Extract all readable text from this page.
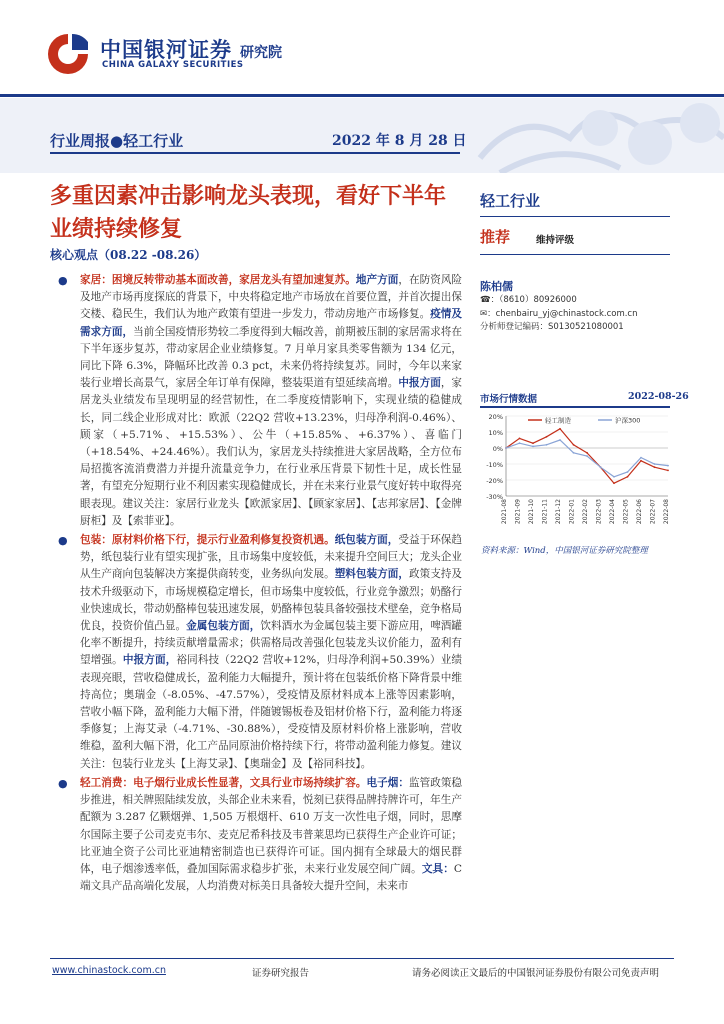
中国银河证券
CHINA GALAXY SECURITIES
研究院
行业周报●轻工行业	2022 年 8 月 28 日
多重因素冲击影响龙头表现，看好下半年业绩持续修复
核心观点（08.22 -08.26）

● 家居：困境反转带动基本面改善，家居龙头有望加速复苏。地产方面，在防资风险及地产市场再度探底的背景下，中央将稳定地产市场放在首要位置，并首次提出保交楼、稳民生，我们认为地产政策有望进一步发力，带动房地产市场修复。疫情及需求方面，当前全国疫情形势较二季度得到大幅改善，前期被压制的家居需求将在下半年逐步复苏，带动家居企业业绩修复。7 月单月家具类零售额为 134 亿元，同比下降 6.3%，降幅环比改善 0.3 pct，未来仍将持续复苏。同时，今年以来家装行业增长高景气，家居全年订单有保障，整装渠道有望延续高增。中报方面，家居龙头业绩发布呈现明显的经营韧性，在二季度疫情影响下，实现业绩的稳健成长，同二线企业形成对比：欧派（22Q2 营收+13.23%，归母净利润-0.46%）、顾家（+5.71%、+15.53%）、公牛（+15.85%、+6.37%）、喜临门（+18.54%、+24.46%）。我们认为，家居龙头持续推进大家居战略，全方位布局招揽客流消费潜力并提升流量竞争力，在行业承压背景下韧性十足，成长性显著，有望充分短期行业不利因素实现稳健成长，并在未来行业景气度好转中取得亮眼表现。建议关注：家居行业龙头【欧派家居】、【顾家家居】、【志邦家居】、【金牌厨柜】及【索菲亚】。

● 包装：原材料价格下行，提示行业盈利修复投资机遇。纸包装方面，受益于环保趋势，纸包装行业有望实现扩张，且市场集中度较低，未来提升空间巨大；龙头企业从生产商向包装解决方案提供商转变，业务纵向发展。塑料包装方面，政策支持及技术升级驱动下，市场规模稳定增长，但市场集中度较低，行业竞争激烈；奶酪行业快速成长，带动奶酪棒包装迅速发展，奶酪棒包装具备较强技术壁垒，竞争格局优良，投资价值凸显。金属包装方面，饮料酒水为金属包装主要下游应用，啤酒罐化率不断提升，持续贡献增量需求；供需格局改善强化包装龙头议价能力，盈利有望增强。中报方面，裕同科技（22Q2 营收+12%，归母净利润+50.39%）业绩表现亮眼，营收稳健成长，盈利能力大幅提升，预计将在包装纸价格下降背景中维持高位；奥瑞金（-8.05%、-47.57%），受疫情及原材料成本上涨等因素影响，营收小幅下降，盈利能力大幅下滑，伴随镀锡板卷及铝材价格下行，盈利能力将逐季修复；上海艾录（-4.71%、-30.88%），受疫情及原材料价格上涨影响，营收维稳，盈利大幅下滑，化工产品同原油价格持续下行，将带动盈利能力修复。建议关注：包装行业龙头【上海艾录】、【奥瑞金】及【裕同科技】。

● 轻工消费：电子烟行业成长性显著，文具行业市场持续扩容。电子烟：监管政策稳步推进，相关牌照陆续发放，头部企业未来看，悦刻已获得品牌持牌许可，年生产配额为 3.287 亿颗烟弹、1,505 万根烟杆、610 万支一次性电子烟，同时，思摩尔国际主要子公司麦克韦尔、麦克尼希科技及韦普莱思均已获得生产企业许可证；比亚迪全资子公司比亚迪精密制造也已获得许可证。国内拥有全球最大的烟民群体，电子烟渗透率低，叠加国际需求稳步扩张，未来行业发展空间广阔。文具：C 端文具产品高端化发展，人均消费对标美日具备较大提升空间，未来市

轻工行业
推荐	维持评级
陈柏儒
☎：（8610）80926000
✉：chenbairu_yj@chinastock.com.cn
分析师登记编码：S0130521080001
市场行情数据	2022-08-26
20%
10%
0%
-10%
-20%
-30%
2021-08 2021-09 2021-10 2021-11 2021-12 2022-01 2022-02 2022-03 2022-04 2022-05 2022-06 2022-07 2022-08
轻工制造	沪深300
资料来源：Wind，中国银河证券研究院整理
www.chinastock.com.cn	证券研究报告	请务必阅读正文最后的中国银河证券股份有限公司免责声明
